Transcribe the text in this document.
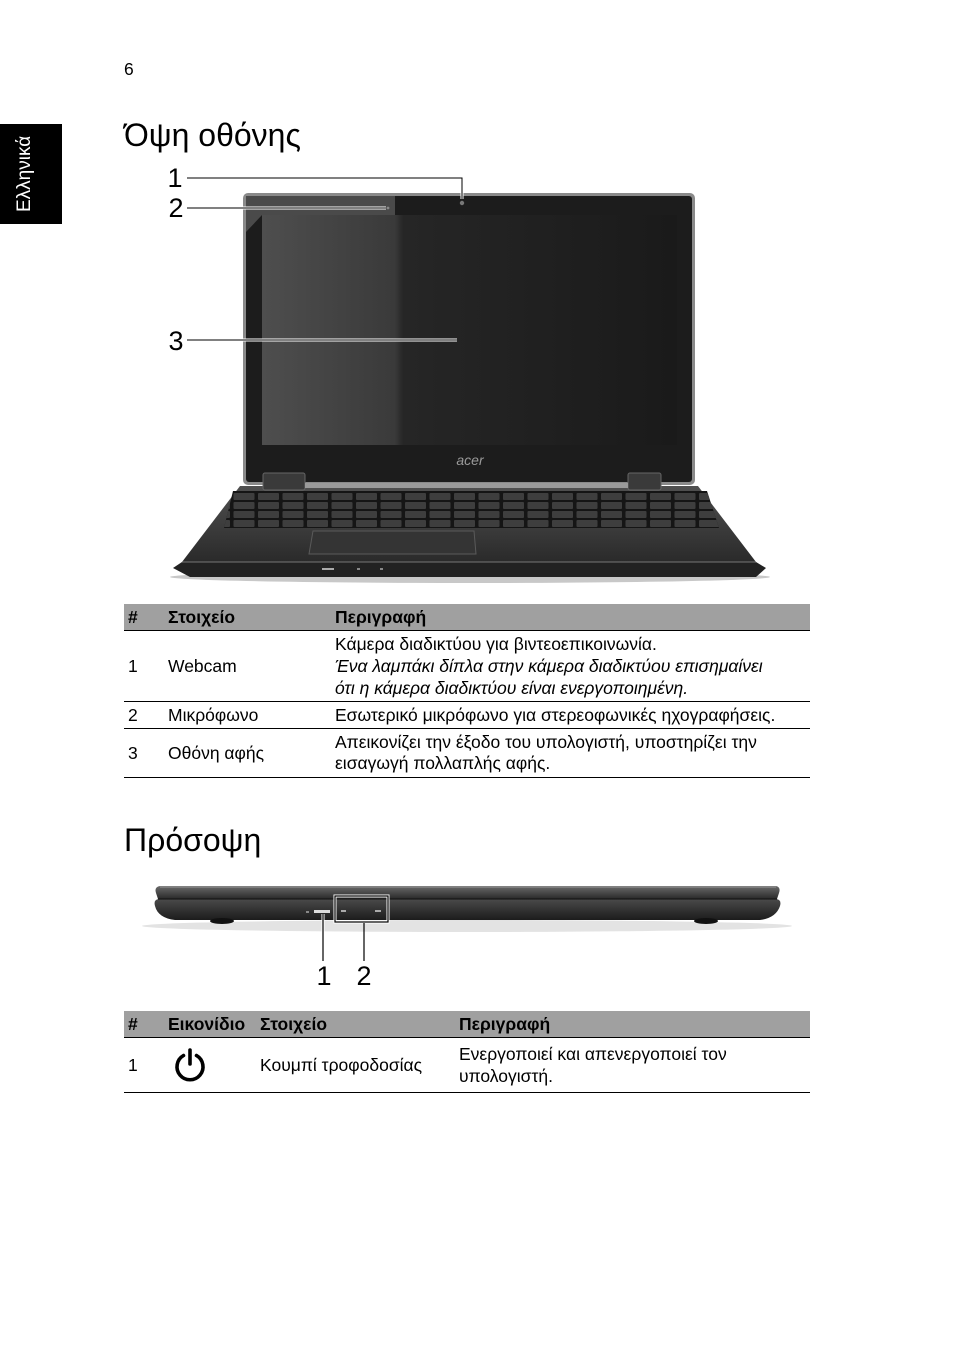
6
Ελληνικά
Όψη οθόνης
acer
1
2
3
#	Στοιχείο	Περιγραφή
1	Webcam	Κάμερα διαδικτύου για βιντεοεπικοινωνία.
Ένα λαμπάκι δίπλα στην κάμερα διαδικτύου επισημαίνει
ότι η κάμερα διαδικτύου είναι ενεργοποιημένη.

2	Μικρόφωνο	Εσωτερικό μικρόφωνο για στερεοφωνικές ηχογραφήσεις.

3	Οθόνη αφής	Απεικονίζει την έξοδο του υπολογιστή, υποστηρίζει την
εισαγωγή πολλαπλής αφής.
Πρόσοψη
1 2
#	Εικονίδιο	Στοιχείο	Περιγραφή
1		Κουμπί τροφοδοσίας	Ενεργοποιεί και απενεργοποιεί τον
υπολογιστή.
